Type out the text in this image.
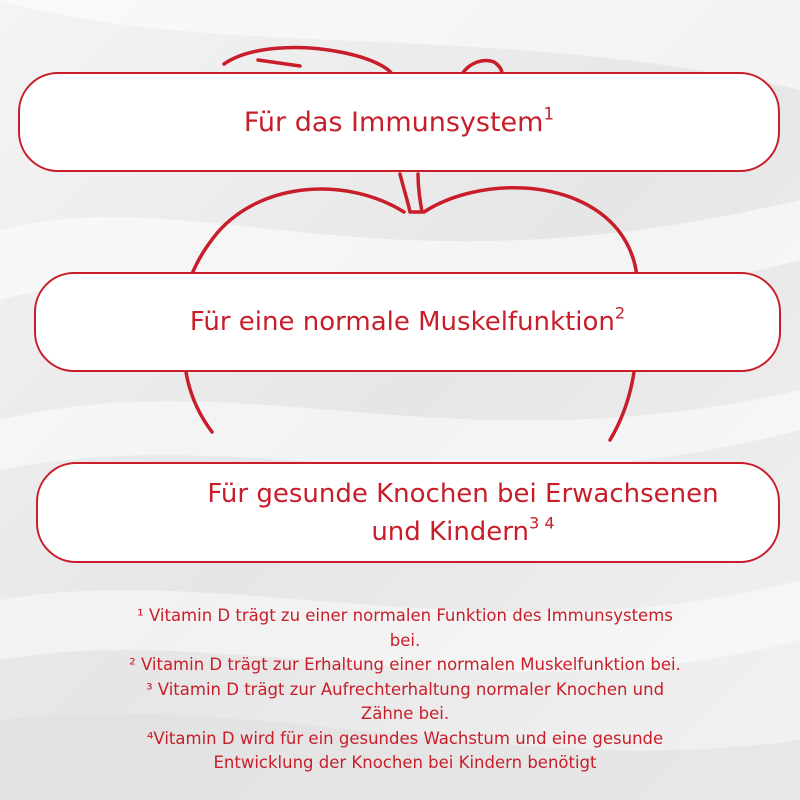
Für das Immunsystem$^1$
Für eine normale Muskelfunktion$^2$
Für gesunde Knochen bei Erwachsenen
und Kindern$^{3 4}$
¹ Vitamin D trägt zu einer normalen Funktion des Immunsystems
bei.
² Vitamin D trägt zur Erhaltung einer normalen Muskelfunktion bei.
³ Vitamin D trägt zur Aufrechterhaltung normaler Knochen und
Zähne bei.
⁴Vitamin D wird für ein gesundes Wachstum und eine gesunde
Entwicklung der Knochen bei Kindern benötigt
